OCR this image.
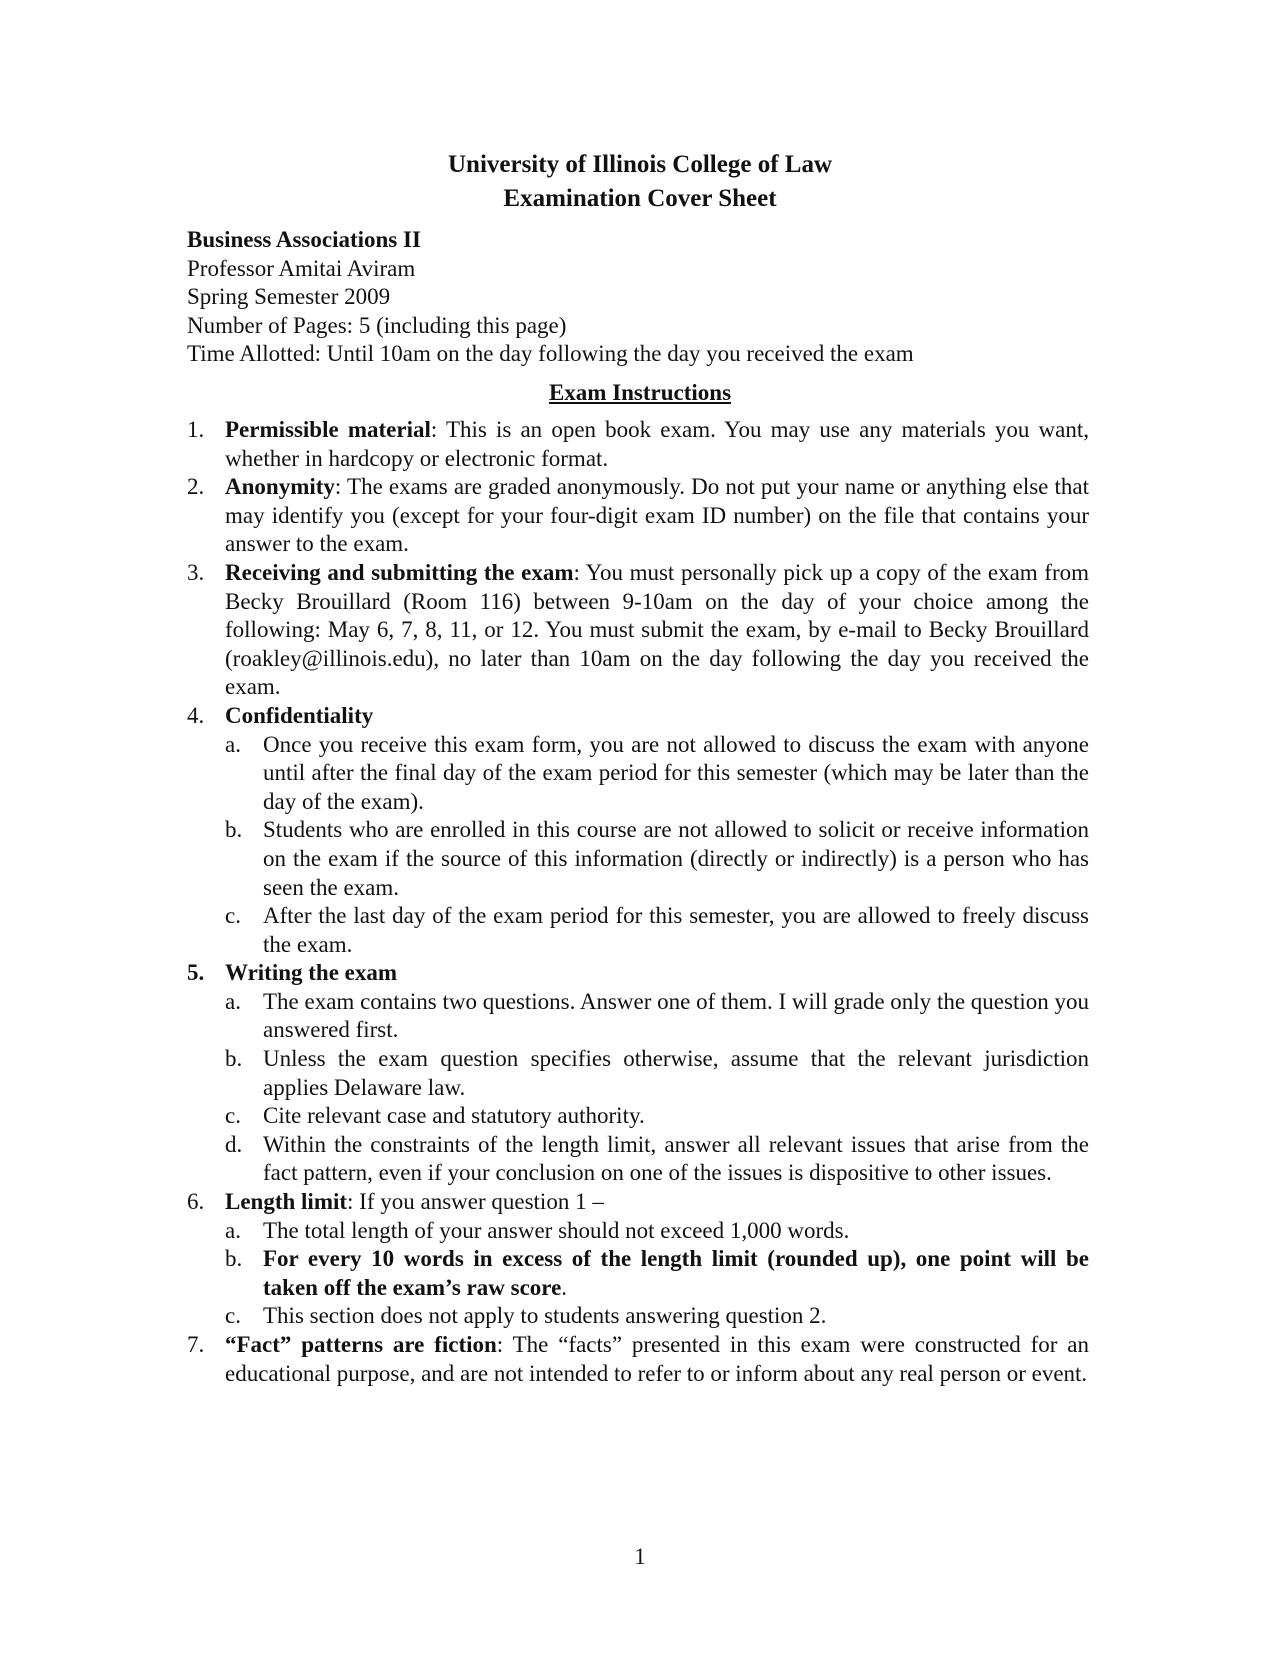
University of Illinois College of Law
Examination Cover Sheet
Business Associations II
Professor Amitai Aviram
Spring Semester 2009
Number of Pages: 5 (including this page)
Time Allotted: Until 10am on the day following the day you received the exam
Exam Instructions
1. Permissible material: This is an open book exam. You may use any materials you want, whether in hardcopy or electronic format.
2. Anonymity: The exams are graded anonymously. Do not put your name or anything else that may identify you (except for your four-digit exam ID number) on the file that contains your answer to the exam.
3. Receiving and submitting the exam: You must personally pick up a copy of the exam from Becky Brouillard (Room 116) between 9-10am on the day of your choice among the following: May 6, 7, 8, 11, or 12. You must submit the exam, by e-mail to Becky Brouillard (roakley@illinois.edu), no later than 10am on the day following the day you received the exam.
4. Confidentiality
a. Once you receive this exam form, you are not allowed to discuss the exam with anyone until after the final day of the exam period for this semester (which may be later than the day of the exam).
b. Students who are enrolled in this course are not allowed to solicit or receive information on the exam if the source of this information (directly or indirectly) is a person who has seen the exam.
c. After the last day of the exam period for this semester, you are allowed to freely discuss the exam.
5. Writing the exam
a. The exam contains two questions. Answer one of them. I will grade only the question you answered first.
b. Unless the exam question specifies otherwise, assume that the relevant jurisdiction applies Delaware law.
c. Cite relevant case and statutory authority.
d. Within the constraints of the length limit, answer all relevant issues that arise from the fact pattern, even if your conclusion on one of the issues is dispositive to other issues.
6. Length limit: If you answer question 1 –
a. The total length of your answer should not exceed 1,000 words.
b. For every 10 words in excess of the length limit (rounded up), one point will be taken off the exam’s raw score.
c. This section does not apply to students answering question 2.
7. “Fact” patterns are fiction: The “facts” presented in this exam were constructed for an educational purpose, and are not intended to refer to or inform about any real person or event.
1
